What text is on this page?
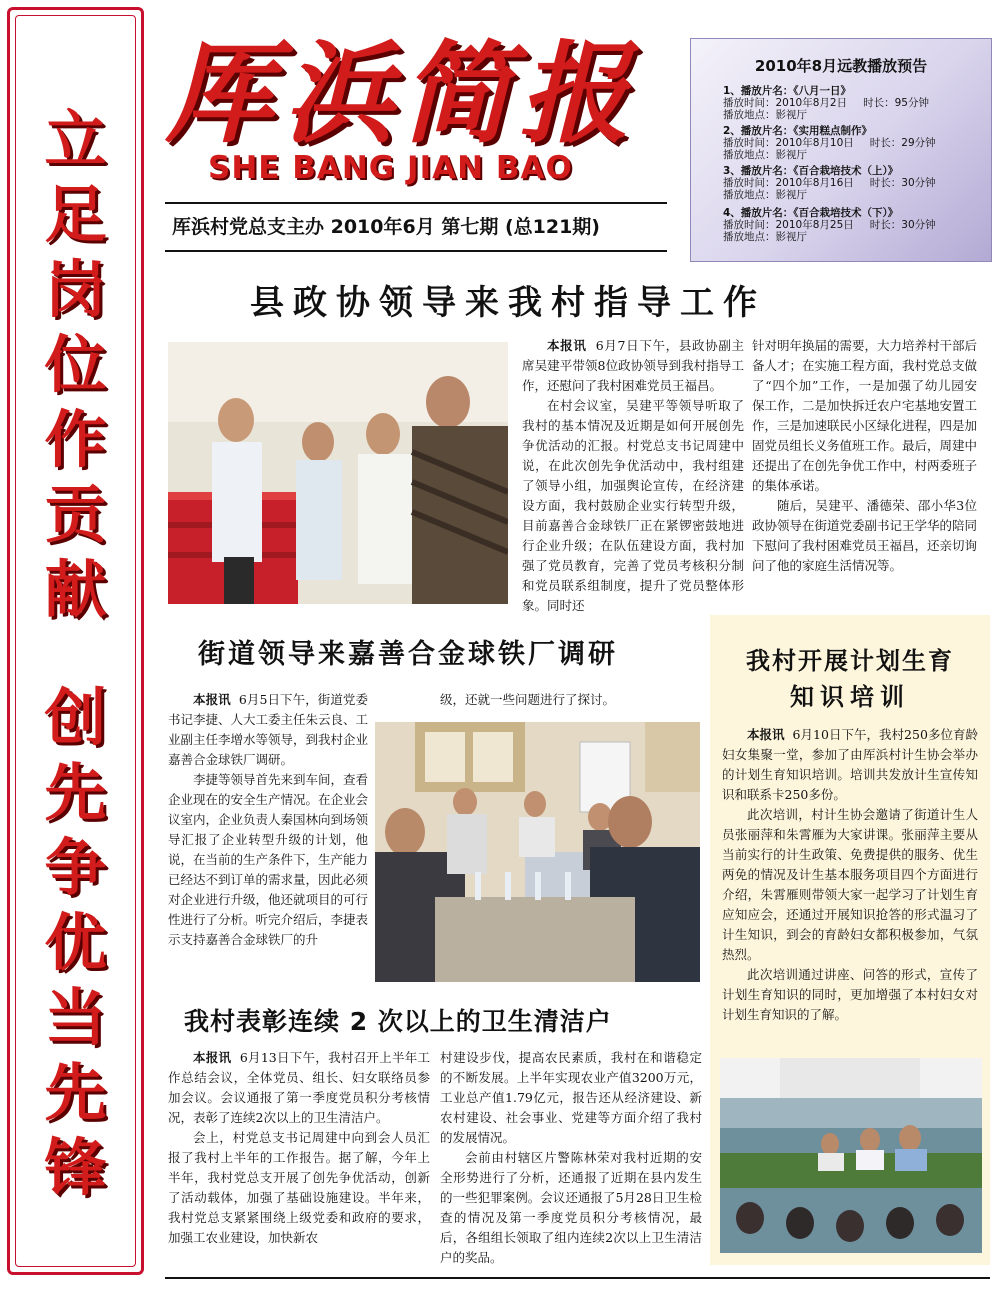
立
足
岗
位
作
贡
献
创
先
争
优
当
先
锋
厍浜简报
SHE BANG JIAN BAO
厍浜村党总支主办 2010年6月 第七期 (总121期)
2010年8月远教播放预告
1、播放片名：《八月一日》
播放时间：2010年8月2日 时长：95分钟
播放地点：影视厅
2、播放片名：《实用糕点制作》
播放时间：2010年8月10日 时长：29分钟
播放地点：影视厅
3、播放片名：《百合栽培技术（上）》
播放时间：2010年8月16日 时长：30分钟
播放地点：影视厅
4、播放片名：《百合栽培技术（下）》
播放时间：2010年8月25日 时长：30分钟
播放地点：影视厅
县政协领导来我村指导工作

本报讯 6月7日下午，县政协副主席吴建平带领8位政协领导到我村指导工作，还慰问了我村困难党员王福昌。

在村会议室，吴建平等领导听取了我村的基本情况及近期是如何开展创先争优活动的汇报。村党总支书记周建中说，在此次创先争优活动中，我村组建了领导小组，加强舆论宣传，在经济建设方面，我村鼓励企业实行转型升级，目前嘉善合金球铁厂正在紧锣密鼓地进行企业升级；在队伍建设方面，我村加强了党员教育，完善了党员考核积分制和党员联系组制度，提升了党员整体形象。同时还

针对明年换届的需要，大力培养村干部后备人才；在实施工程方面，我村党总支做了“四个加”工作，一是加强了幼儿园安保工作，二是加快拆迁农户宅基地安置工作，三是加速联民小区绿化进程，四是加固党员组长义务值班工作。最后，周建中还提出了在创先争优工作中，村两委班子的集体承诺。

随后，吴建平、潘德荣、邵小华3位政协领导在街道党委副书记王学华的陪同下慰问了我村困难党员王福昌，还亲切询问了他的家庭生活情况等。

街道领导来嘉善合金球铁厂调研

本报讯 6月5日下午，街道党委书记李捷、人大工委主任朱云良、工业副主任李增水等领导，到我村企业嘉善合金球铁厂调研。

李捷等领导首先来到车间，查看企业现在的安全生产情况。在企业会议室内，企业负责人秦国林向到场领导汇报了企业转型升级的计划，他说，在当前的生产条件下，生产能力已经达不到订单的需求量，因此必须对企业进行升级，他还就项目的可行性进行了分析。听完介绍后，李捷表示支持嘉善合金球铁厂的升

级，还就一些问题进行了探讨。

我村表彰连续 2 次以上的卫生清洁户

本报讯 6月13日下午，我村召开上半年工作总结会议，全体党员、组长、妇女联络员参加会议。会议通报了第一季度党员积分考核情况，表彰了连续2次以上的卫生清洁户。

会上，村党总支书记周建中向到会人员汇报了我村上半年的工作报告。据了解，今年上半年，我村党总支开展了创先争优活动，创新了活动载体，加强了基础设施建设。半年来，我村党总支紧紧围绕上级党委和政府的要求，加强工农业建设，加快新农

村建设步伐，提高农民素质，我村在和谐稳定的不断发展。上半年实现农业产值3200万元，工业总产值1.79亿元，报告还从经济建设、新农村建设、社会事业、党建等方面介绍了我村的发展情况。

会前由村辖区片警陈林荣对我村近期的安全形势进行了分析，还通报了近期在县内发生的一些犯罪案例。会议还通报了5月28日卫生检查的情况及第一季度党员积分考核情况，最后，各组组长领取了组内连续2次以上卫生清洁户的奖品。

我村开展计划生育
知识培训

本报讯 6月10日下午，我村250多位育龄妇女集聚一堂，参加了由厍浜村计生协会举办的计划生育知识培训。培训共发放计生宣传知识和联系卡250多份。

此次培训，村计生协会邀请了街道计生人员张丽萍和朱霄雁为大家讲课。张丽萍主要从当前实行的计生政策、免费提供的服务、优生两免的情况及计生基本服务项目四个方面进行介绍，朱霄雁则带领大家一起学习了计划生育应知应会，还通过开展知识抢答的形式温习了计生知识，到会的育龄妇女都积极参加，气氛热烈。

此次培训通过讲座、问答的形式，宣传了计划生育知识的同时，更加增强了本村妇女对计划生育知识的了解。
